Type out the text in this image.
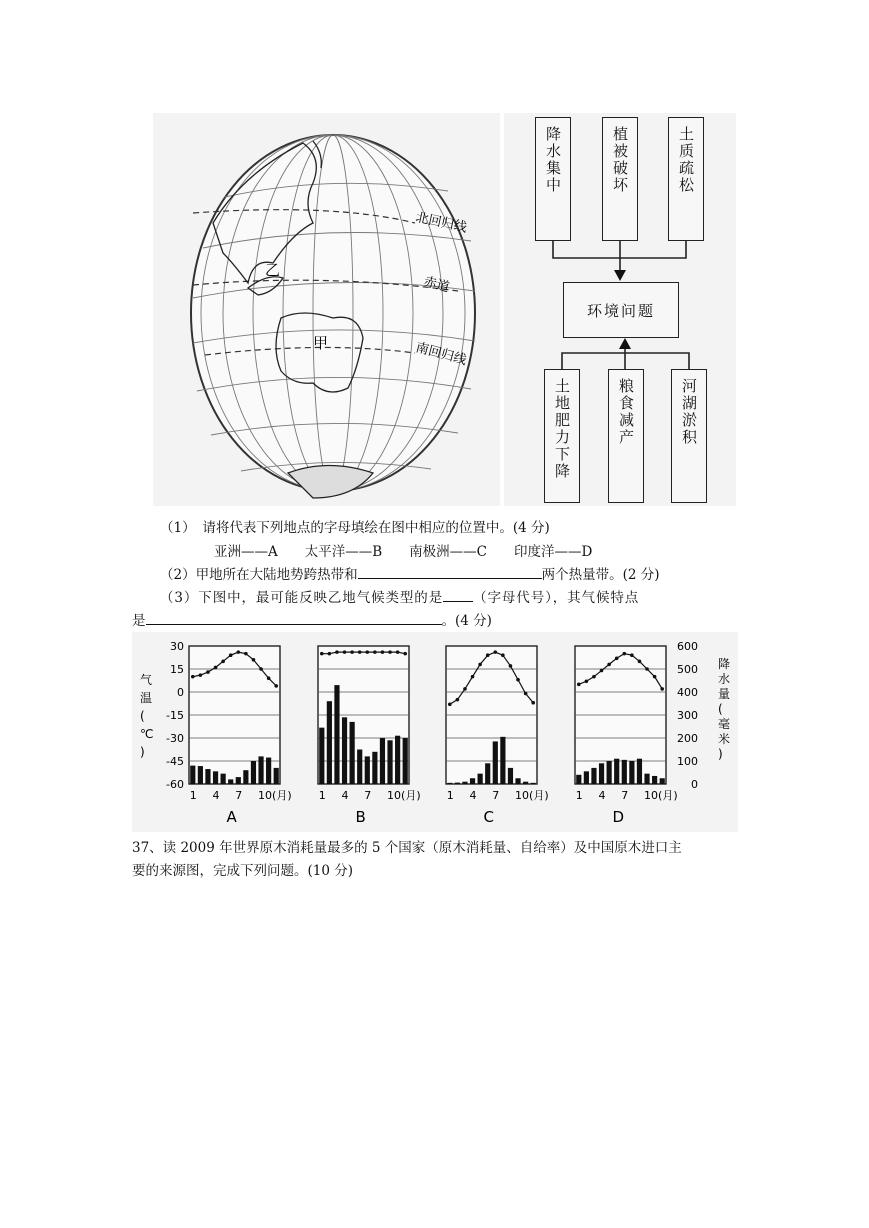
甲
乙
北回归线
赤道
南回归线
降水集中	植被破坏	土质疏松
环境问题
土地肥力下降	粮食减产	河湖淤积
（1）　请将代表下列地点的字母填绘在图中相应的位置中。(4 分)
亚洲——A　　太平洋——B　　南极洲——C　　印度洋——D
（2）甲地所在大陆地势跨热带和	两个热量带。(2 分)
（3）下图中，最可能反映乙地气候类型的是 （字母代号），其气候特点
是	。(4 分)
30
15
0
-15
-30
-45
-60
600
500
400
300
200
100
0
气
温
(
℃
)
降
水
量
(
毫
米
)
1 4 7 10(月)
A
1 4 7 10(月)
B
1 4 7 10(月)
C
1 4 7 10(月)
D
37、读 2009 年世界原木消耗量最多的 5 个国家（原木消耗量、自给率）及中国原木进口主
要的来源图，完成下列问题。(10 分)
